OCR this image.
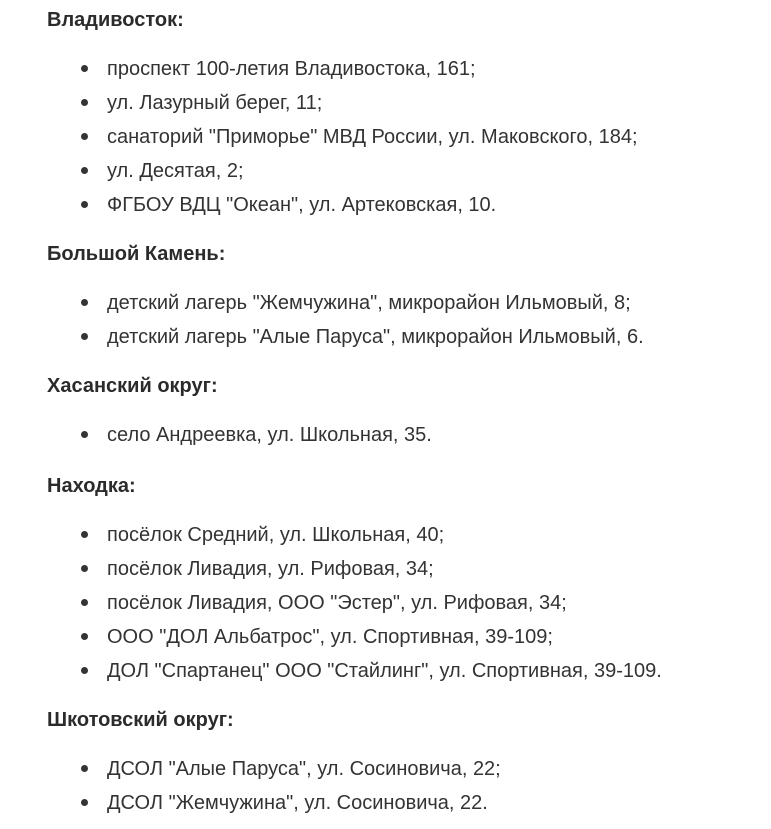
Владивосток:
проспект 100-летия Владивостока, 161;
ул. Лазурный берег, 11;
санаторий "Приморье" МВД России, ул. Маковского, 184;
ул. Десятая, 2;
ФГБОУ ВДЦ "Океан", ул. Артековская, 10.
Большой Камень:
детский лагерь "Жемчужина", микрорайон Ильмовый, 8;
детский лагерь "Алые Паруса", микрорайон Ильмовый, 6.
Хасанский округ:
село Андреевка, ул. Школьная, 35.
Находка:
посёлок Средний, ул. Школьная, 40;
посёлок Ливадия, ул. Рифовая, 34;
посёлок Ливадия, ООО "Эстер", ул. Рифовая, 34;
ООО "ДОЛ Альбатрос", ул. Спортивная, 39-109;
ДОЛ "Спартанец" ООО "Стайлинг", ул. Спортивная, 39-109.
Шкотовский округ:
ДСОЛ "Алые Паруса", ул. Сосиновича, 22;
ДСОЛ "Жемчужина", ул. Сосиновича, 22.
